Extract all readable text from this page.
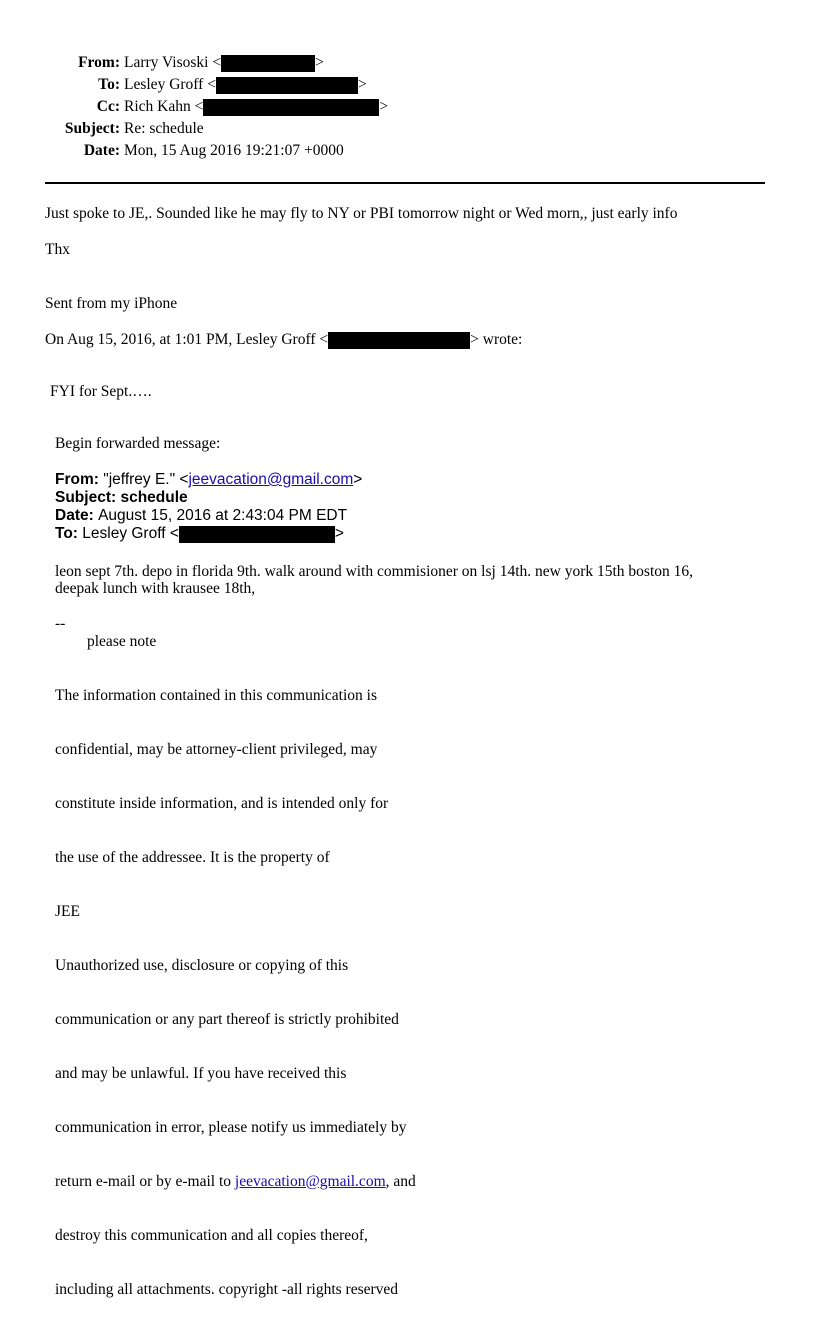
From: Larry Visoski <	>
To: Lesley Groff <	>
Cc: Rich Kahn <	>
Subject: Re: schedule
Date: Mon, 15 Aug 2016 19:21:07 +0000
Just spoke to JE,. Sounded like he may fly to NY or PBI tomorrow night or Wed morn,, just early info
Thx
Sent from my iPhone
On Aug 15, 2016, at 1:01 PM, Lesley Groff <	> wrote:
FYI for Sept.….
Begin forwarded message:
From:
"jeffrey E." < jeevacation@gmail.com >
Subject:
schedule
Date:
August 15, 2016 at 2:43:04 PM EDT
To:
Lesley Groff <	>
leon sept 7th. depo in florida 9th. walk around with commisioner on lsj 14th. new york 15th boston 16,
deepak lunch with krausee 18th,
--
please note

The information contained in this communication is

confidential, may be attorney-client privileged, may

constitute inside information, and is intended only for

the use of the addressee. It is the property of

JEE

Unauthorized use, disclosure or copying of this

communication or any part thereof is strictly prohibited

and may be unlawful. If you have received this

communication in error, please notify us immediately by

return e-mail or by e-mail to jeevacation@gmail.com, and

destroy this communication and all copies thereof,

including all attachments. copyright -all rights reserved
